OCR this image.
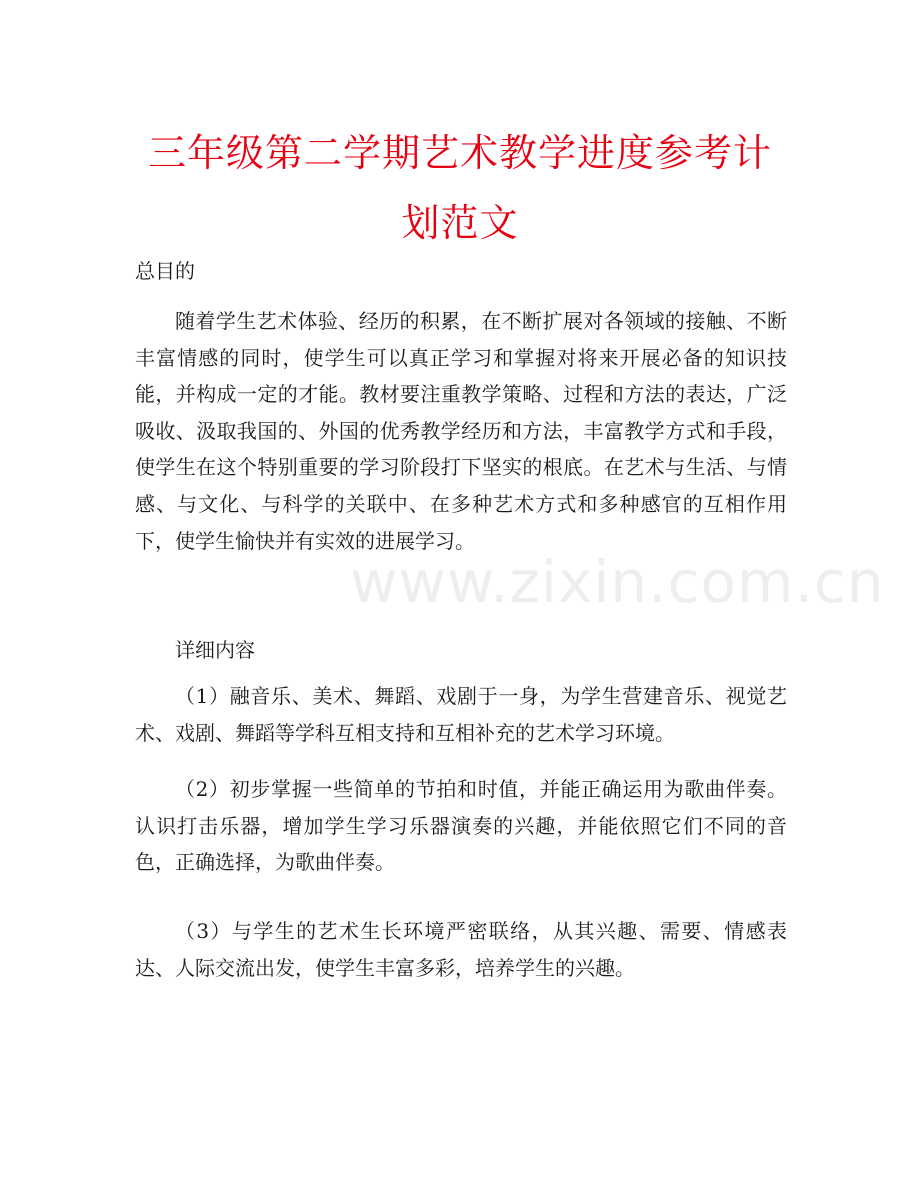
三年级第二学期艺术教学进度参考计划范文

总目的

随着学生艺术体验、经历的积累，在不断扩展对各领域的接触、不断丰富情感的同时，使学生可以真正学习和掌握对将来开展必备的知识技能，并构成一定的才能。教材要注重教学策略、过程和方法的表达，广泛吸收、汲取我国的、外国的优秀教学经历和方法，丰富教学方式和手段，使学生在这个特别重要的学习阶段打下坚实的根底。在艺术与生活、与情感、与文化、与科学的关联中、在多种艺术方式和多种感官的互相作用下，使学生愉快并有实效的进展学习。

详细内容

（1）融音乐、美术、舞蹈、戏剧于一身，为学生营建音乐、视觉艺术、戏剧、舞蹈等学科互相支持和互相补充的艺术学习环境。

（2）初步掌握一些简单的节拍和时值，并能正确运用为歌曲伴奏。认识打击乐器，增加学生学习乐器演奏的兴趣，并能依照它们不同的音色，正确选择，为歌曲伴奏。

（3）与学生的艺术生长环境严密联络，从其兴趣、需要、情感表达、人际交流出发，使学生丰富多彩，培养学生的兴趣。

www.zixin.com.cn
